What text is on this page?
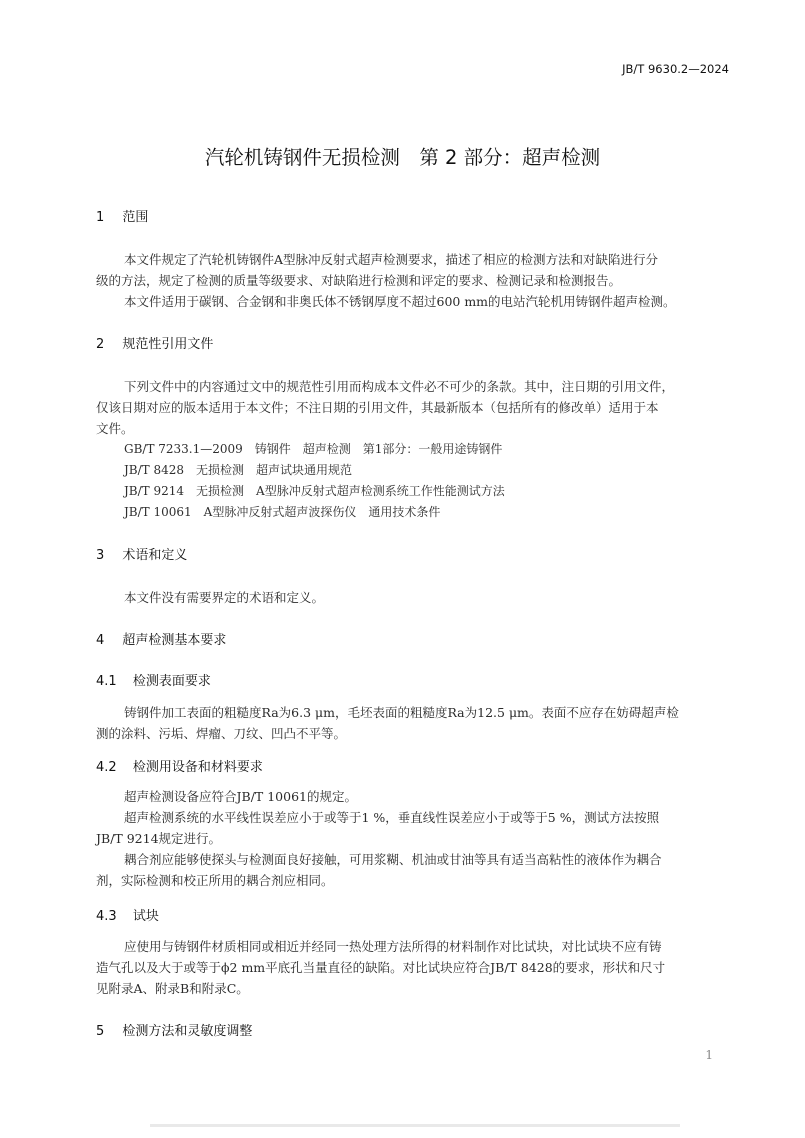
JB/T 9630.2—2024
汽轮机铸钢件无损检测　第 2 部分：超声检测
1 范围
本文件规定了汽轮机铸钢件A型脉冲反射式超声检测要求，描述了相应的检测方法和对缺陷进行分
级的方法，规定了检测的质量等级要求、对缺陷进行检测和评定的要求、检测记录和检测报告。
本文件适用于碳钢、合金钢和非奥氏体不锈钢厚度不超过600 mm的电站汽轮机用铸钢件超声检测。
2 规范性引用文件
下列文件中的内容通过文中的规范性引用而构成本文件必不可少的条款。其中，注日期的引用文件，
仅该日期对应的版本适用于本文件；不注日期的引用文件，其最新版本（包括所有的修改单）适用于本
文件。
GB/T 7233.1—2009　铸钢件　超声检测　第1部分：一般用途铸钢件
JB/T 8428　无损检测　超声试块通用规范
JB/T 9214　无损检测　A型脉冲反射式超声检测系统工作性能测试方法
JB/T 10061　A型脉冲反射式超声波探伤仪　通用技术条件
3 术语和定义
本文件没有需要界定的术语和定义。
4 超声检测基本要求
4.1 检测表面要求
铸钢件加工表面的粗糙度Ra为6.3 μm，毛坯表面的粗糙度Ra为12.5 μm。表面不应存在妨碍超声检
测的涂料、污垢、焊瘤、刀纹、凹凸不平等。
4.2 检测用设备和材料要求
超声检测设备应符合JB/T 10061的规定。
超声检测系统的水平线性误差应小于或等于1 %，垂直线性误差应小于或等于5 %，测试方法按照
JB/T 9214规定进行。
耦合剂应能够使探头与检测面良好接触，可用浆糊、机油或甘油等具有适当高粘性的液体作为耦合
剂，实际检测和校正所用的耦合剂应相同。
4.3 试块
应使用与铸钢件材质相同或相近并经同一热处理方法所得的材料制作对比试块，对比试块不应有铸
造气孔以及大于或等于ϕ2 mm平底孔当量直径的缺陷。对比试块应符合JB/T 8428的要求，形状和尺寸
见附录A、附录B和附录C。
5 检测方法和灵敏度调整
1
